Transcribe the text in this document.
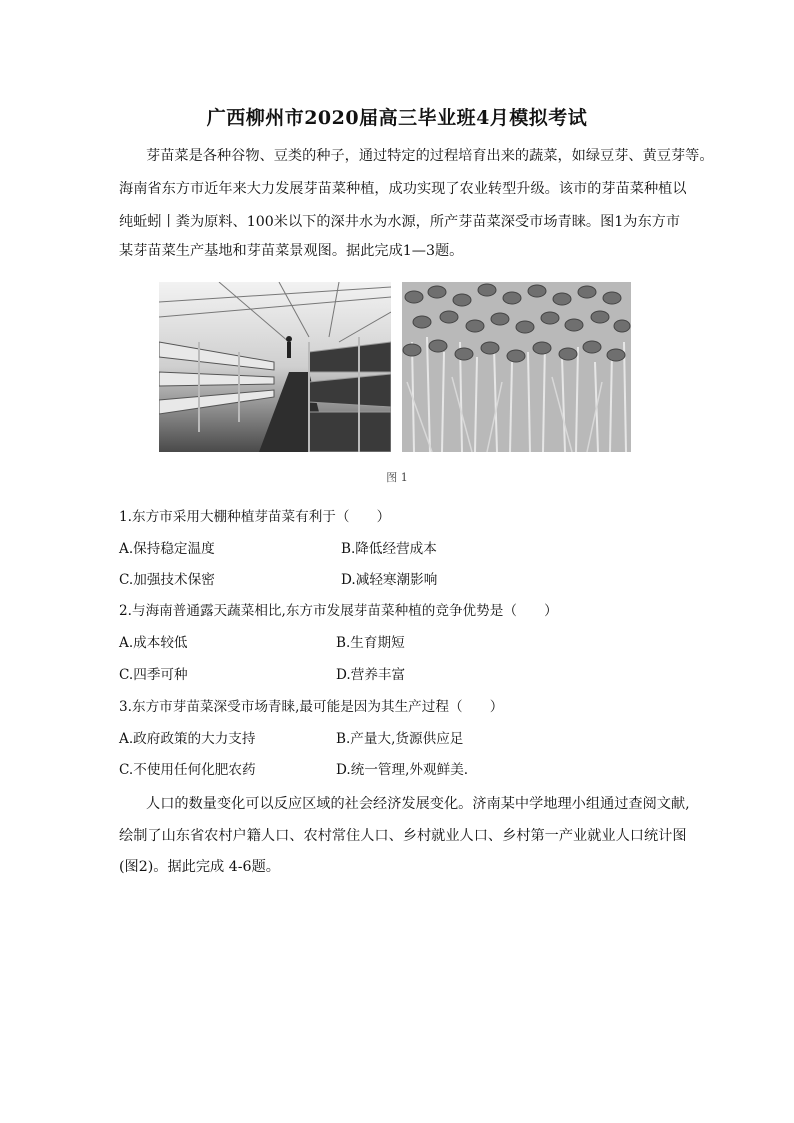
广西柳州市2020届高三毕业班4月模拟考试
芽苗菜是各种谷物、豆类的种子，通过特定的过程培育出来的蔬菜，如绿豆芽、黄豆芽等。
海南省东方市近年来大力发展芽苗菜种植，成功实现了农业转型升级。该市的芽苗菜种植以
纯蚯蚓丨粪为原料、100米以下的深井水为水源，所产芽苗菜深受市场青睐。图1为东方市
某芽苗菜生产基地和芽苗菜景观图。据此完成1—3题。
图 1
1.东方市采用大棚种植芽苗菜有利于（　　）
A.保持稳定温度	B.降低经营成本
C.加强技术保密	D.减轻寒潮影响
2.与海南普通露天蔬菜相比,东方市发展芽苗菜种植的竞争优势是（　　）
A.成本较低	B.生育期短
C.四季可种	D.营养丰富
3.东方市芽苗菜深受市场青睐,最可能是因为其生产过程（　　）
A.政府政策的大力支持	B.产量大,货源供应足
C.不使用任何化肥农药	D.统一管理,外观鲜美.
人口的数量变化可以反应区域的社会经济发展变化。济南某中学地理小组通过查阅文献,
绘制了山东省农村户籍人口、农村常住人口、乡村就业人口、乡村第一产业就业人口统计图
(图2)。据此完成 4-6题。
